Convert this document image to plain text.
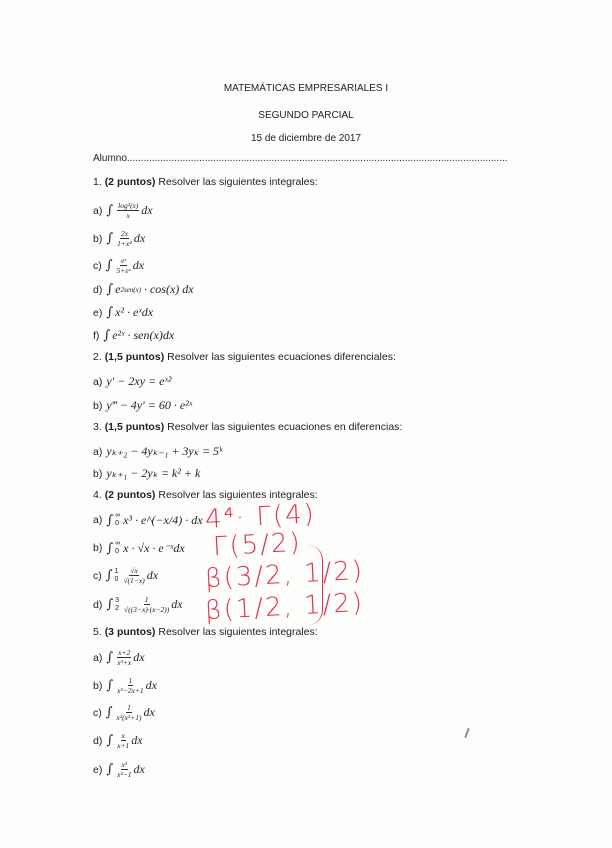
MATEMÁTICAS EMPRESARIALES I
SEGUNDO PARCIAL
15 de diciembre de 2017
Alumno.........................................................................................................................................
1.
(2 puntos)
Resolver las siguientes integrales:
a) ∫ $\frac{\text{log²(x)}}{x}$ dx
b) ∫ $\frac{2x}{\text{1+x⁴}}$ dx
c) ∫ $\frac{\text{eˣ}}{\text{5+eˣ}}$ dx
d) ∫ e 2sen(x)
· cos(x) dx
e) ∫ x² · eˣdx
f) ∫ e²ˣ · sen(x)dx
2.
(1,5 puntos)
Resolver las siguientes ecuaciones diferenciales:
a) y′ − 2xy = eˣ²
b) y‴ − 4y′ = 60 · e²ˣ
3.
(1,5 puntos)
Resolver las siguientes ecuaciones en diferencias:
a) yₖ₊₂ − 4yₖ₋₁ + 3yₖ = 5ᵏ
b) yₖ₊₁ − 2yₖ = k² + k
4.
(2 puntos)
Resolver las siguientes integrales:
a) ∫ ∞
0 x³ · e^(−x/4) · dx
b) ∫ ∞
0 x · √x · e⁻ˣdx
c) ∫ 1
$0 \frac{√x}{√(1-x)}$ dx
d) ∫ 3
$2 \frac{1}{√((3-x)\cdot(x-2))}$ dx
5.
(3 puntos)
Resolver las siguientes integrales:
a) ∫ $\frac{x+2}{\text{x³+x}}$ dx
b) ∫ $\frac{1}{\text{x²−2x+1}}$ dx
c) ∫ $\frac{1}{\text{x²(x²+1)}}$ dx
d) ∫ $\frac{x}{x+1}$ dx
e) ∫ $\frac{\text{x²}}{\text{x²−1}}$ dx
4⁴· Γ(4)
Γ(5/2)
β(3/2, 1/2)
β(1/2, 1/2)
